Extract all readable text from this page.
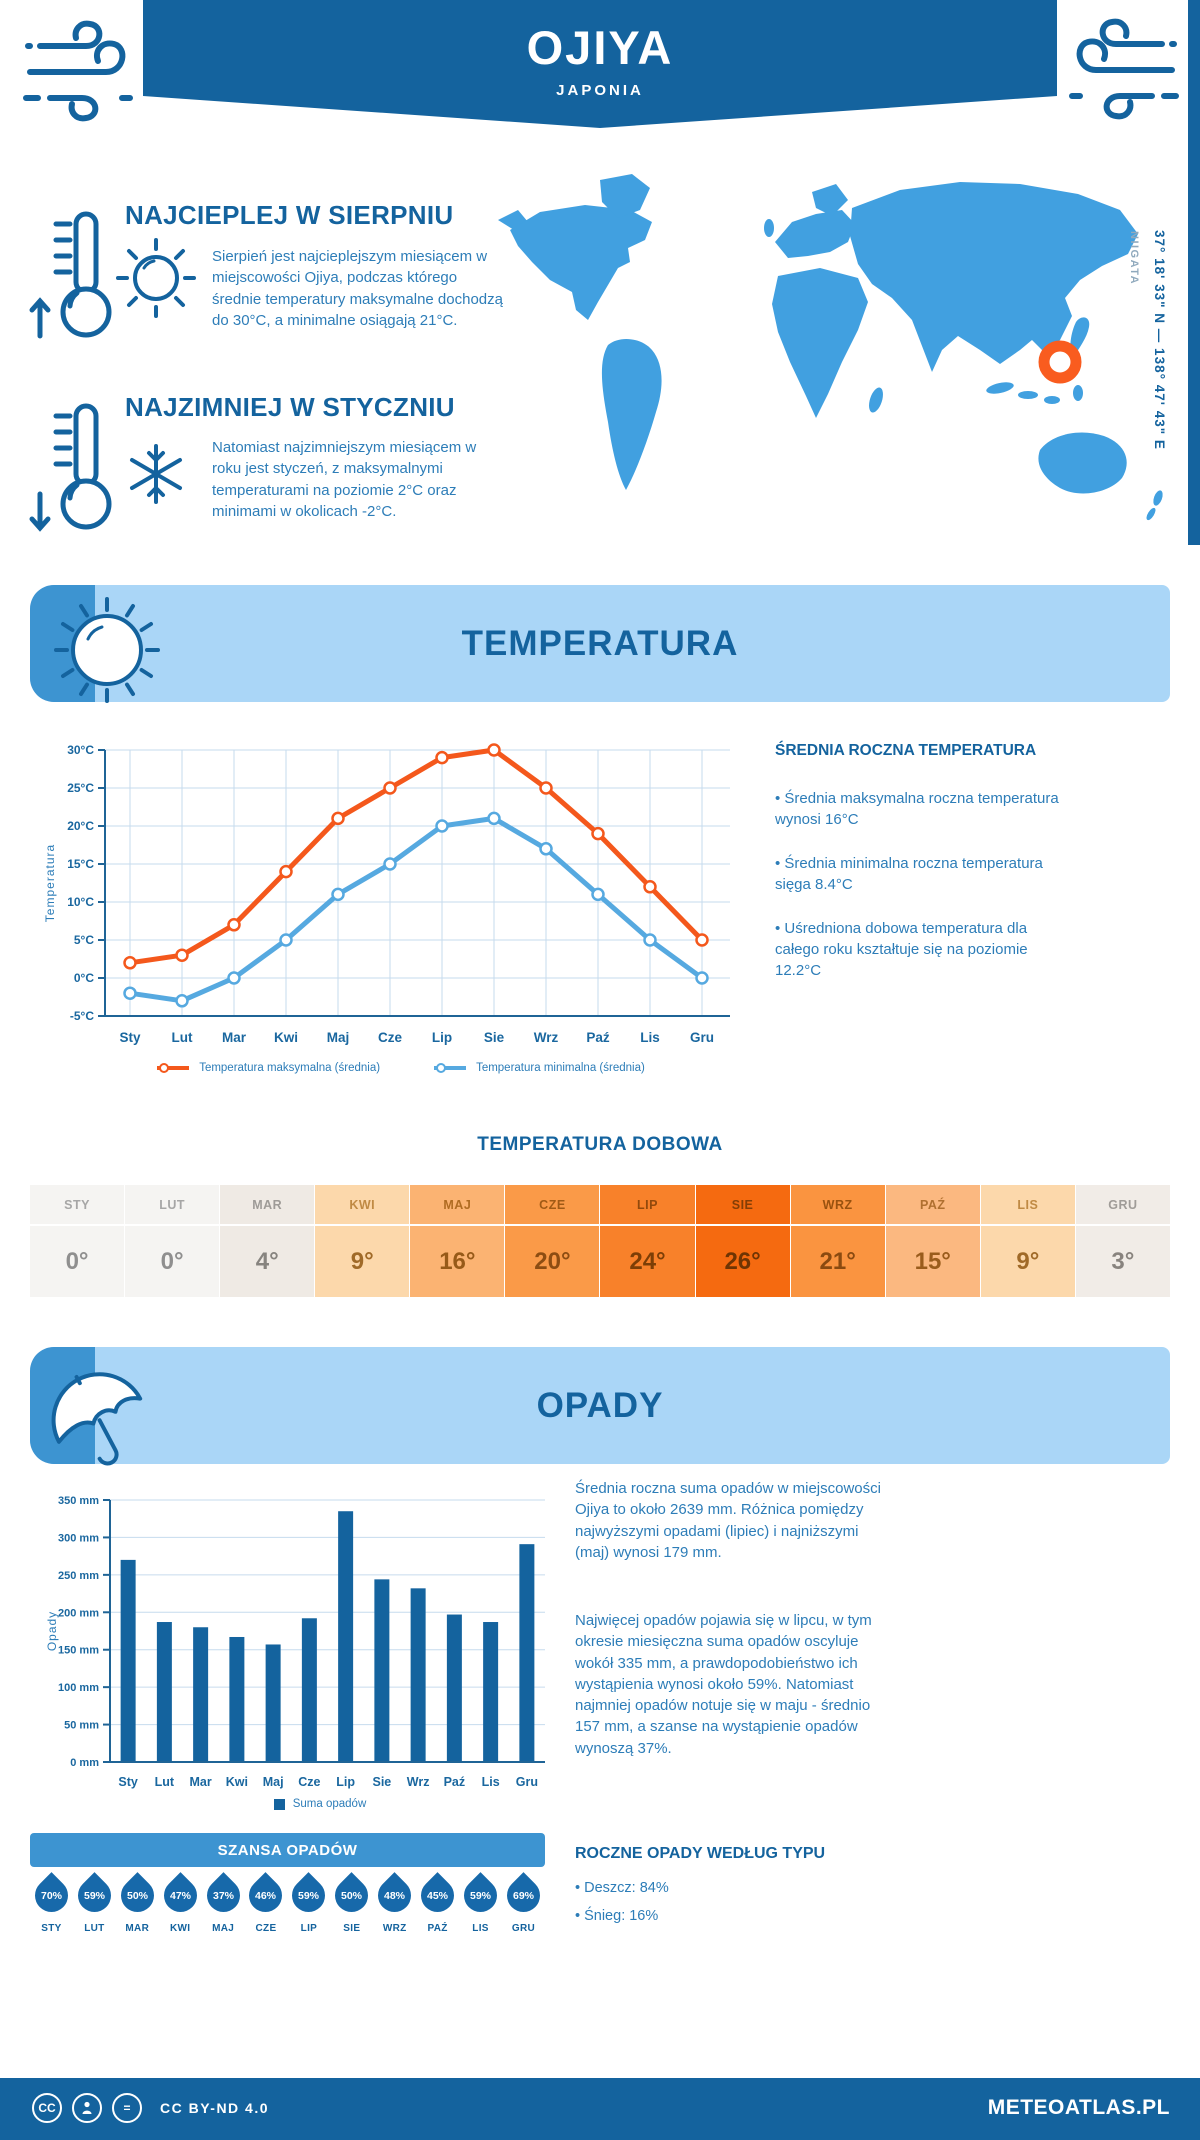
OJIYA
JAPONIA
NAJCIEPLEJ W SIERPNIU
Sierpień jest najcieplejszym miesiącem w miejscowości Ojiya, podczas którego średnie temperatury maksymalne dochodzą do 30°C, a minimalne osiągają 21°C.
NAJZIMNIEJ W STYCZNIU
Natomiast najzimniejszym miesiącem w roku jest styczeń, z maksymalnymi temperaturami na poziomie 2°C oraz minimami w okolicach -2°C.
37° 18' 33" N — 138° 47' 43" E
NIIGATA
TEMPERATURA
-5°C
0°C
5°C
10°C
15°C
20°C
25°C
30°C
Sty Lut Mar Kwi Maj Cze Lip Sie Wrz Paź Lis Gru
Temperatura
Temperatura maksymalna (średnia)	Temperatura minimalna (średnia)
ŚREDNIA ROCZNA TEMPERATURA
• Średnia maksymalna roczna temperatura wynosi 16°C
• Średnia minimalna roczna temperatura sięga 8.4°C
• Uśredniona dobowa temperatura dla całego roku kształtuje się na poziomie 12.2°C
TEMPERATURA DOBOWA
STY
0°
LUT
0°
MAR
4°
KWI
9°
MAJ
16°
CZE
20°
LIP
24°
SIE
26°
WRZ
21°
PAŹ
15°
LIS
9°
GRU
3°
OPADY
0 mm
50 mm
100 mm
150 mm
200 mm
250 mm
300 mm
350 mm
Sty Lut Mar Kwi Maj Cze Lip Sie Wrz Paź Lis Gru
Opady
Suma opadów
Średnia roczna suma opadów w miejscowości Ojiya to około 2639 mm. Różnica pomiędzy najwyższymi opadami (lipiec) i najniższymi (maj) wynosi 179 mm.
Najwięcej opadów pojawia się w lipcu, w tym okresie miesięczna suma opadów oscyluje wokół 335 mm, a prawdopodobieństwo ich wystąpienia wynosi około 59%. Natomiast najmniej opadów notuje się w maju - średnio 157 mm, a szanse na wystąpienie opadów wynoszą 37%.
ROCZNE OPADY WEDŁUG TYPU
• Deszcz: 84%
• Śnieg: 16%
SZANSA OPADÓW
70%
STY
59%
LUT
50%
MAR
47%
KWI
37%
MAJ
46%
CZE
59%
LIP
50%
SIE
48%
WRZ
45%
PAŹ
59%
LIS
69%
GRU
CC	=	CC BY-ND 4.0	METEOATLAS.PL
